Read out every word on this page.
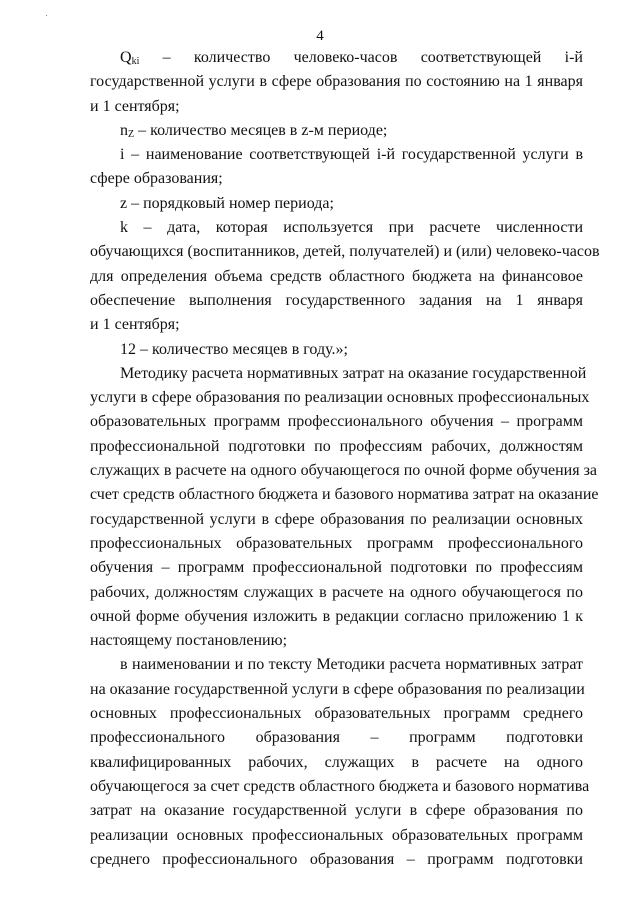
4
$Q_{ki}$ – количество человеко-часов соответствующей i-й
государственной услуги в сфере образования по состоянию на 1 января
и 1 сентября;
$n_Z$ – количество месяцев в z-м периоде;
i – наименование соответствующей i-й государственной услуги в
сфере образования;
z – порядковый номер периода;
k – дата, которая используется при расчете численности
обучающихся (воспитанников, детей, получателей) и (или) человеко-часов
для определения объема средств областного бюджета на финансовое
обеспечение выполнения государственного задания на 1 января
и 1 сентября;
12 – количество месяцев в году.»;
Методику расчета нормативных затрат на оказание государственной
услуги в сфере образования по реализации основных профессиональных
образовательных программ профессионального обучения – программ
профессиональной подготовки по профессиям рабочих, должностям
служащих в расчете на одного обучающегося по очной форме обучения за
счет средств областного бюджета и базового норматива затрат на оказание
государственной услуги в сфере образования по реализации основных
профессиональных образовательных программ профессионального
обучения – программ профессиональной подготовки по профессиям
рабочих, должностям служащих в расчете на одного обучающегося по
очной форме обучения изложить в редакции согласно приложению 1 к
настоящему постановлению;
в наименовании и по тексту Методики расчета нормативных затрат
на оказание государственной услуги в сфере образования по реализации
основных профессиональных образовательных программ среднего
профессионального образования – программ подготовки
квалифицированных рабочих, служащих в расчете на одного
обучающегося за счет средств областного бюджета и базового норматива
затрат на оказание государственной услуги в сфере образования по
реализации основных профессиональных образовательных программ
среднего профессионального образования – программ подготовки
